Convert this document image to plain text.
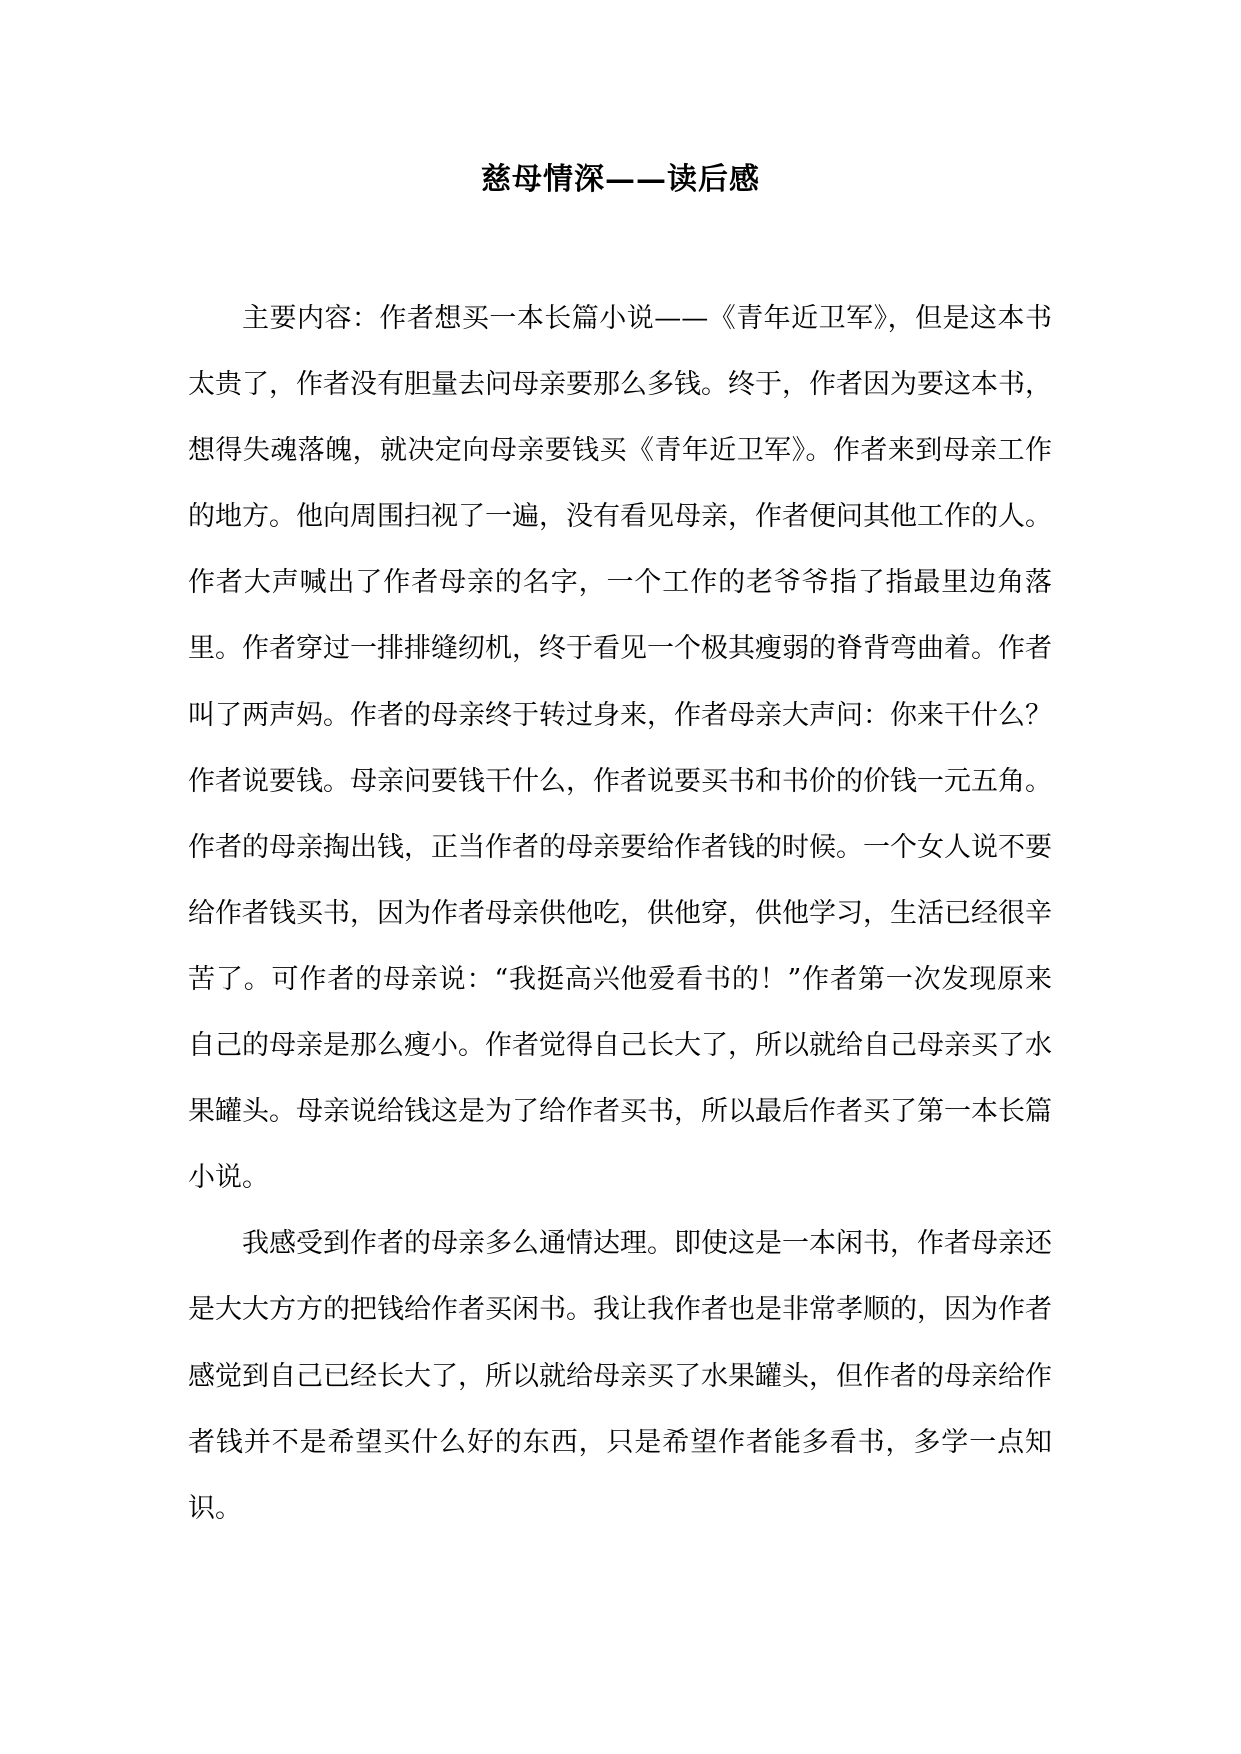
慈母情深——读后感

主要内容：作者想买一本长篇小说——《青年近卫军》，但是这本书太贵了，作者没有胆量去问母亲要那么多钱。终于，作者因为要这本书，想得失魂落魄，就决定向母亲要钱买《青年近卫军》。作者来到母亲工作的地方。他向周围扫视了一遍，没有看见母亲，作者便问其他工作的人。作者大声喊出了作者母亲的名字，一个工作的老爷爷指了指最里边角落里。作者穿过一排排缝纫机，终于看见一个极其瘦弱的脊背弯曲着。作者叫了两声妈。作者的母亲终于转过身来，作者母亲大声问：你来干什么？作者说要钱。母亲问要钱干什么，作者说要买书和书价的价钱一元五角。作者的母亲掏出钱，正当作者的母亲要给作者钱的时候。一个女人说不要给作者钱买书，因为作者母亲供他吃，供他穿，供他学习，生活已经很辛苦了。可作者的母亲说：“我挺高兴他爱看书的！”作者第一次发现原来自己的母亲是那么瘦小。作者觉得自己长大了，所以就给自己母亲买了水果罐头。母亲说给钱这是为了给作者买书，所以最后作者买了第一本长篇小说。

我感受到作者的母亲多么通情达理。即使这是一本闲书，作者母亲还是大大方方的把钱给作者买闲书。我让我作者也是非常孝顺的，因为作者感觉到自己已经长大了，所以就给母亲买了水果罐头，但作者的母亲给作者钱并不是希望买什么好的东西，只是希望作者能多看书，多学一点知识。
